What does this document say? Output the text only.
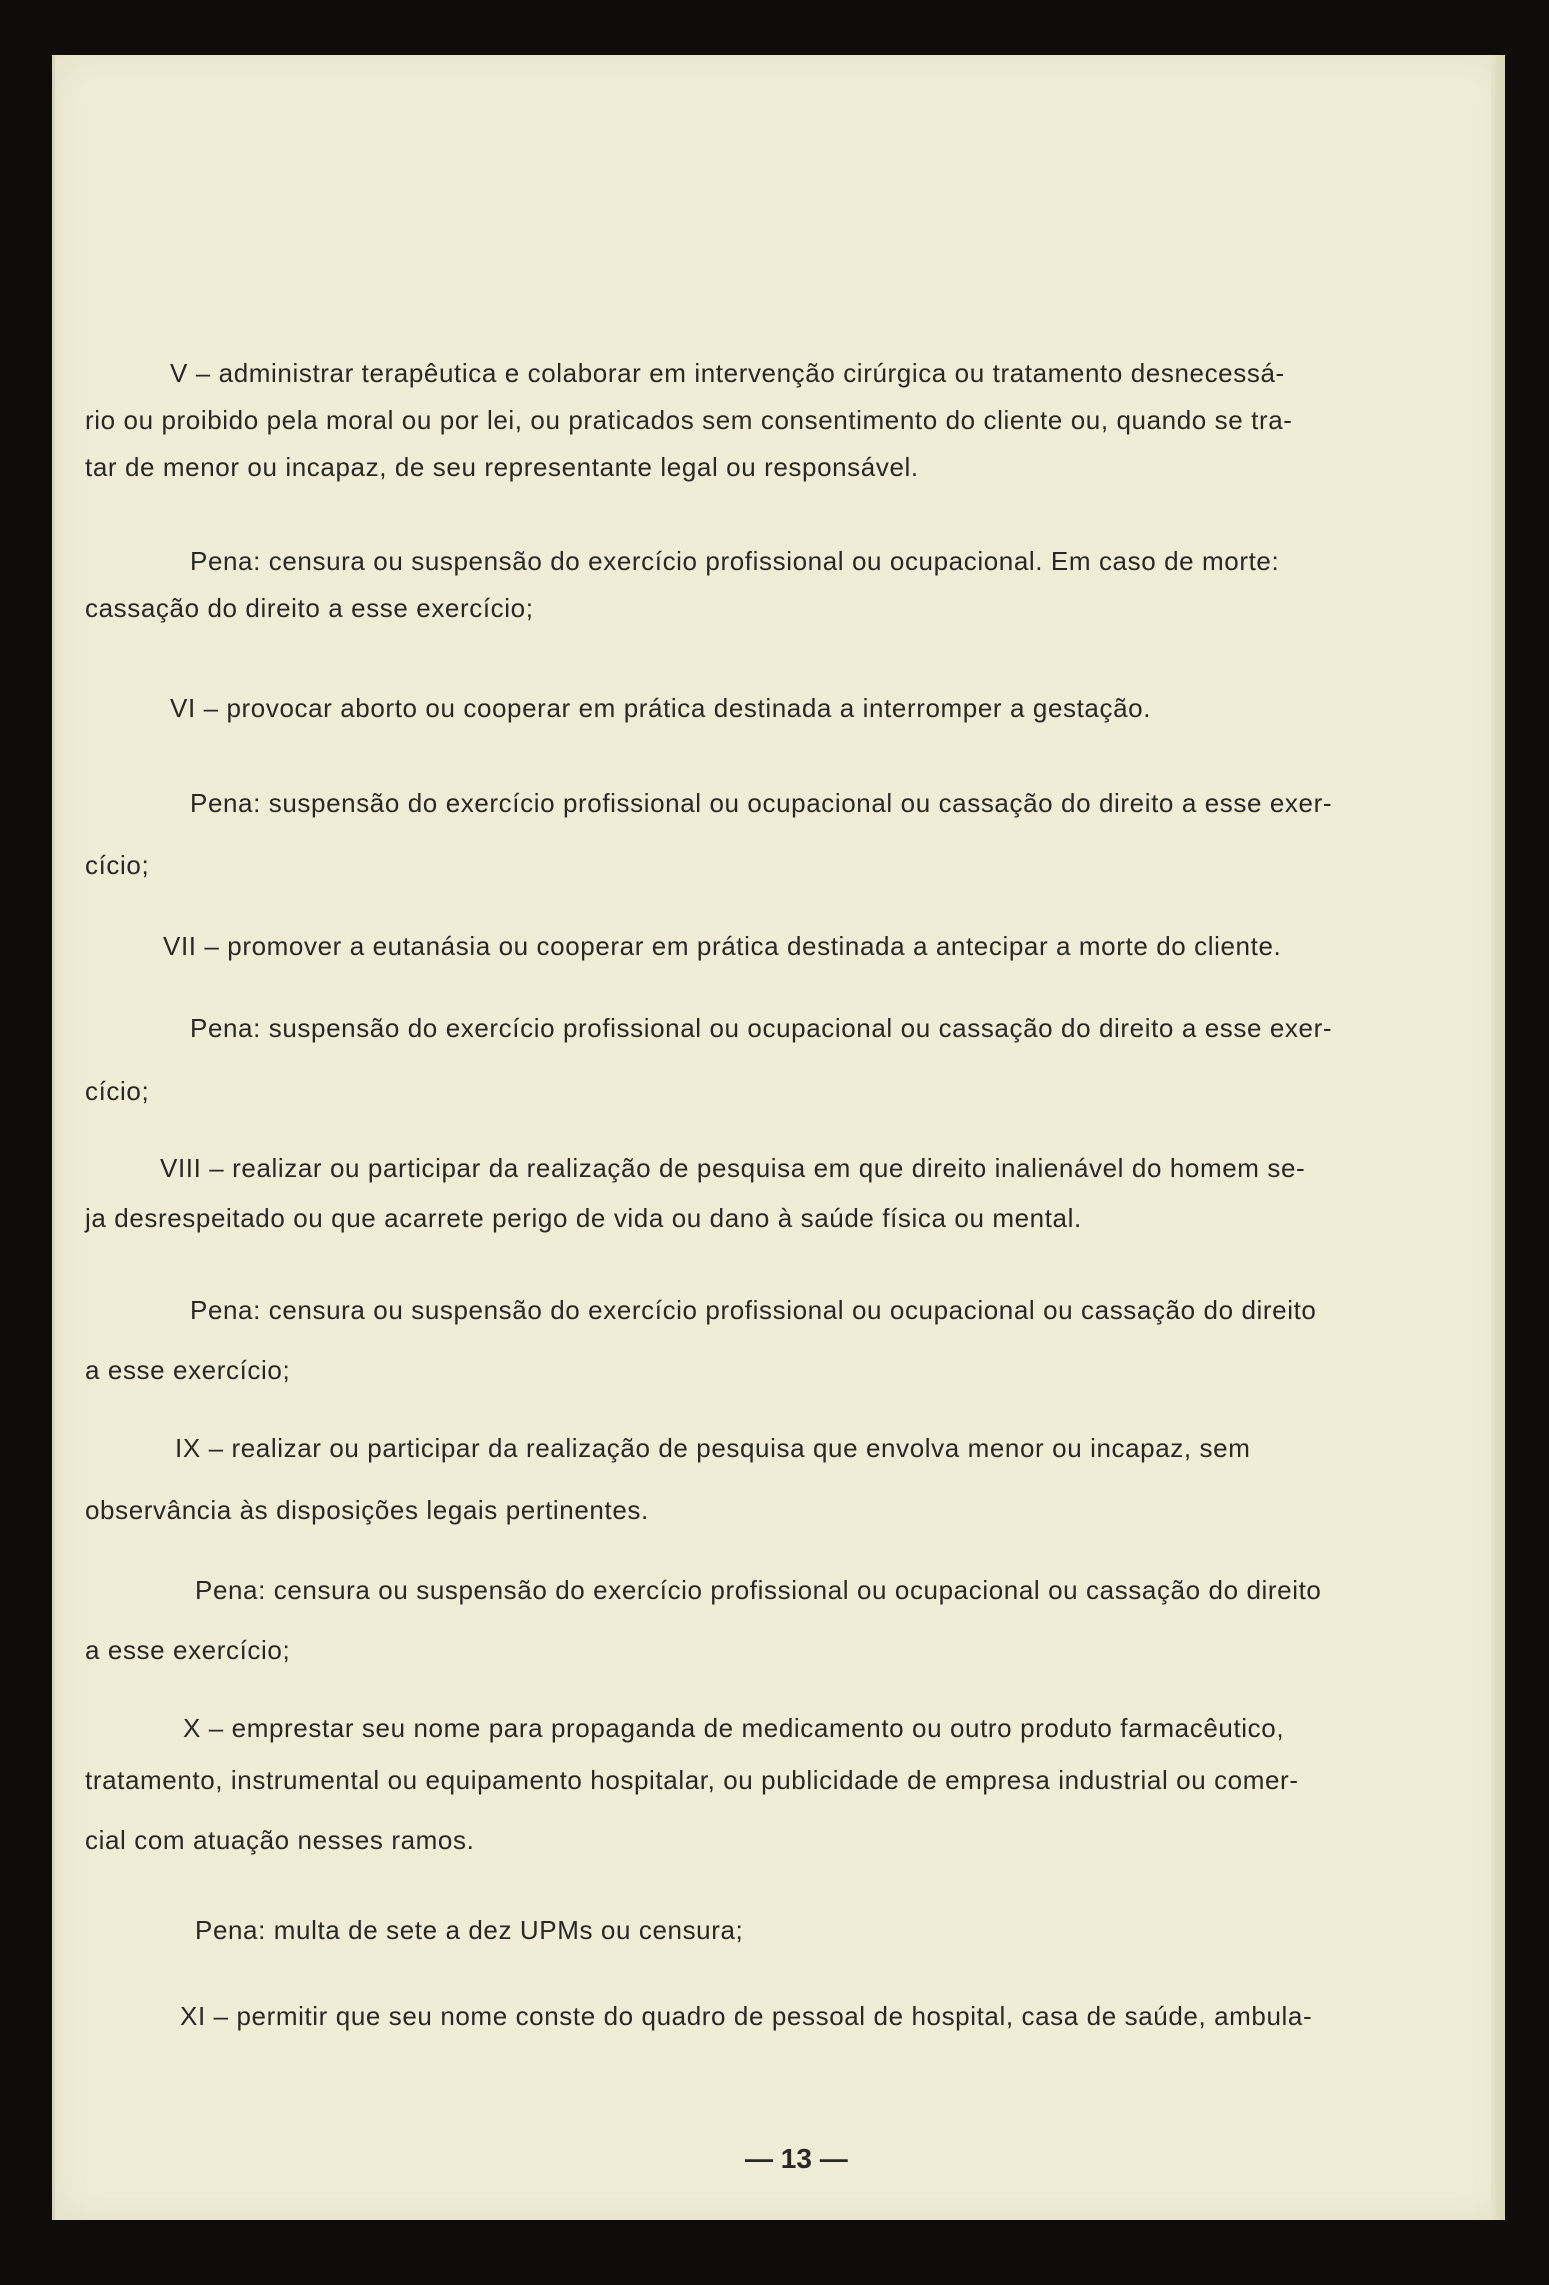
V – administrar terapêutica e colaborar em intervenção cirúrgica ou tratamento desnecessá-
rio ou proibido pela moral ou por lei, ou praticados sem consentimento do cliente ou, quando se tra-
tar de menor ou incapaz, de seu representante legal ou responsável.
Pena: censura ou suspensão do exercício profissional ou ocupacional. Em caso de morte:
cassação do direito a esse exercício;
VI – provocar aborto ou cooperar em prática destinada a interromper a gestação.
Pena: suspensão do exercício profissional ou ocupacional ou cassação do direito a esse exer-
cício;
VII – promover a eutanásia ou cooperar em prática destinada a antecipar a morte do cliente.
Pena: suspensão do exercício profissional ou ocupacional ou cassação do direito a esse exer-
cício;
VIII – realizar ou participar da realização de pesquisa em que direito inalienável do homem se-
ja desrespeitado ou que acarrete perigo de vida ou dano à saúde física ou mental.
Pena: censura ou suspensão do exercício profissional ou ocupacional ou cassação do direito
a esse exercício;
IX – realizar ou participar da realização de pesquisa que envolva menor ou incapaz, sem
observância às disposições legais pertinentes.
Pena: censura ou suspensão do exercício profissional ou ocupacional ou cassação do direito
a esse exercício;
X – emprestar seu nome para propaganda de medicamento ou outro produto farmacêutico,
tratamento, instrumental ou equipamento hospitalar, ou publicidade de empresa industrial ou comer-
cial com atuação nesses ramos.
Pena: multa de sete a dez UPMs ou censura;
XI – permitir que seu nome conste do quadro de pessoal de hospital, casa de saúde, ambula-
— 13 —
